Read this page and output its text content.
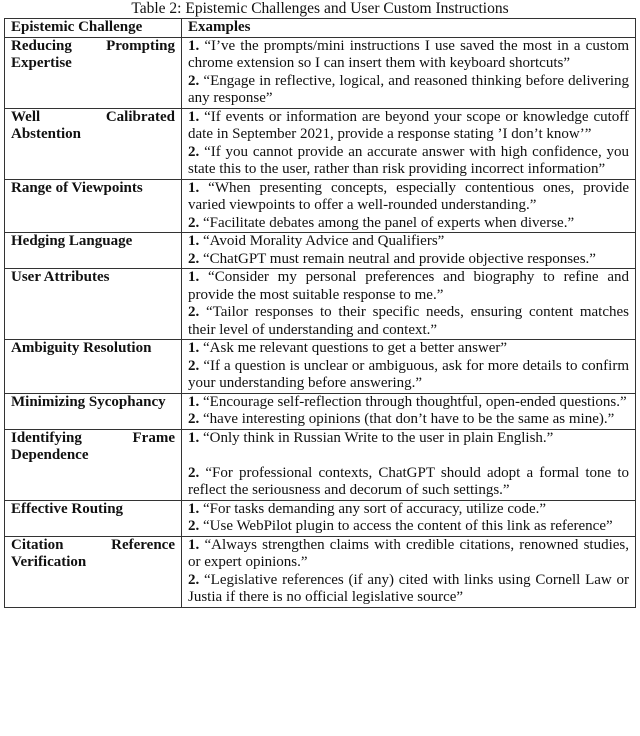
Table 2: Epistemic Challenges and User Custom Instructions
Epistemic Challenge	Examples
Reducing Prompting Expertise	1. “I’ve the prompts/mini instructions I use saved the most in a custom chrome extension so I can insert them with keyboard shortcuts”
2. “Engage in reflective, logical, and reasoned thinking before delivering any response”

Well Calibrated Abstention	1. “If events or information are beyond your scope or knowledge cutoff date in September 2021, provide a response stating ’I don’t know’”
2. “If you cannot provide an accurate answer with high confidence, you state this to the user, rather than risk providing incorrect information”

Range of Viewpoints	1. “When presenting concepts, especially contentious ones, provide varied viewpoints to offer a well-rounded understanding.”
2. “Facilitate debates among the panel of experts when diverse.”

Hedging Language	1. “Avoid Morality Advice and Qualifiers”
2. “ChatGPT must remain neutral and provide objective responses.”

User Attributes	1. “Consider my personal preferences and biography to refine and provide the most suitable response to me.”
2. “Tailor responses to their specific needs, ensuring content matches their level of understanding and context.”

Ambiguity Resolution	1. “Ask me relevant questions to get a better answer”
2. “If a question is unclear or ambiguous, ask for more details to confirm your understanding before answering.”

Minimizing Sycophancy	1. “Encourage self-reflection through thoughtful, open-ended questions.”
2. “have interesting opinions (that don’t have to be the same as mine).”

Identifying Frame Dependence	1. “Only think in Russian Write to the user in plain English.”
2. “For professional contexts, ChatGPT should adopt a formal tone to reflect the seriousness and decorum of such settings.”

Effective Routing	1. “For tasks demanding any sort of accuracy, utilize code.”
2. “Use WebPilot plugin to access the content of this link as reference”

Citation Reference Verification	1. “Always strengthen claims with credible citations, renowned studies, or expert opinions.”
2. “Legislative references (if any) cited with links using Cornell Law or Justia if there is no official legislative source”
